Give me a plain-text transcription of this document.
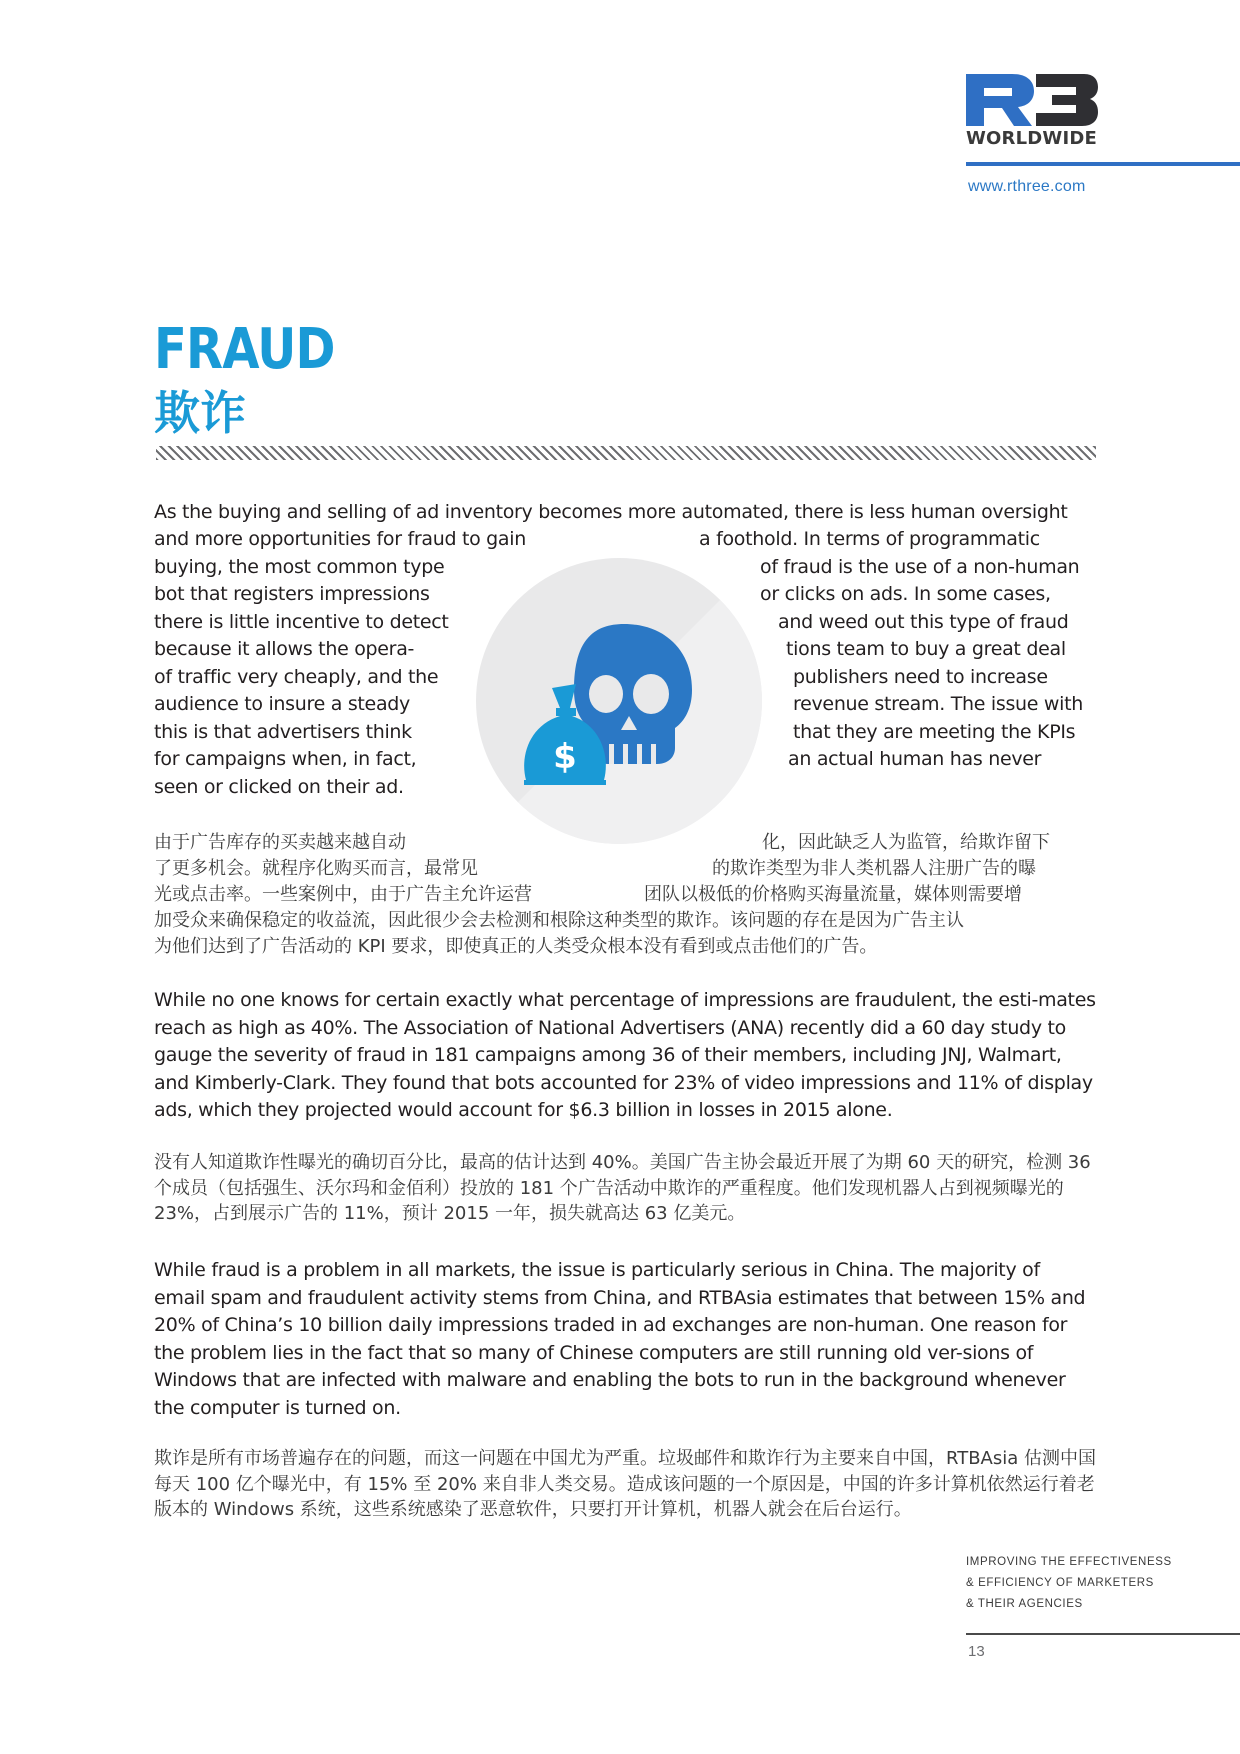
WORLDWIDE
www.rthree.com
FRAUD
欺诈
$

As the buying and selling of ad inventory becomes more automated, there is less human oversight

and more opportunities for fraud to gain	a foothold. In terms of programmatic

buying, the most common type	of fraud is the use of a non-human

bot that registers impressions	or clicks on ads. In some cases,

there is little incentive to detect	and weed out this type of fraud

because it allows the opera-	tions team to buy a great deal

of traffic very cheaply, and the	publishers need to increase

audience to insure a steady	revenue stream. The issue with

this is that advertisers think	that they are meeting the KPIs

for campaigns when, in fact,	an actual human has never

seen or clicked on their ad.

由于广告库存的买卖越来越自动	化，因此缺乏人为监管，给欺诈留下

了更多机会。就程序化购买而言，最常见	的欺诈类型为非人类机器人注册广告的曝

光或点击率。一些案例中，由于广告主允许运营	团队以极低的价格购买海量流量，媒体则需要增

加受众来确保稳定的收益流，因此很少会去检测和根除这种类型的欺诈。该问题的存在是因为广告主认

为他们达到了广告活动的 KPI 要求，即使真正的人类受众根本没有看到或点击他们的广告。

While no one knows for certain exactly what percentage of impressions are fraudulent, the esti-mates reach as high as 40%. The Association of National Advertisers (ANA) recently did a 60 day study to gauge the severity of fraud in 181 campaigns among 36 of their members, including JNJ, Walmart, and Kimberly-Clark. They found that bots accounted for 23% of video impressions and 11% of display ads, which they projected would account for $6.3 billion in losses in 2015 alone.

没有人知道欺诈性曝光的确切百分比，最高的估计达到 40%。美国广告主协会最近开展了为期 60 天的研究，检测 36 个成员（包括强生、沃尔玛和金佰利）投放的 181 个广告活动中欺诈的严重程度。他们发现机器人占到视频曝光的 23%，占到展示广告的 11%，预计 2015 一年，损失就高达 63 亿美元。

While fraud is a problem in all markets, the issue is particularly serious in China. The majority of email spam and fraudulent activity stems from China, and RTBAsia estimates that between 15% and 20% of China’s 10 billion daily impressions traded in ad exchanges are non-human. One reason for the problem lies in the fact that so many of Chinese computers are still running old ver-sions of Windows that are infected with malware and enabling the bots to run in the background whenever the computer is turned on.

欺诈是所有市场普遍存在的问题，而这一问题在中国尤为严重。垃圾邮件和欺诈行为主要来自中国，RTBAsia 估测中国每天 100 亿个曝光中，有 15% 至 20% 来自非人类交易。造成该问题的一个原因是，中国的许多计算机依然运行着老版本的 Windows 系统，这些系统感染了恶意软件，只要打开计算机，机器人就会在后台运行。

IMPROVING THE EFFECTIVENESS
& EFFICIENCY OF MARKETERS
& THEIR AGENCIES
13
